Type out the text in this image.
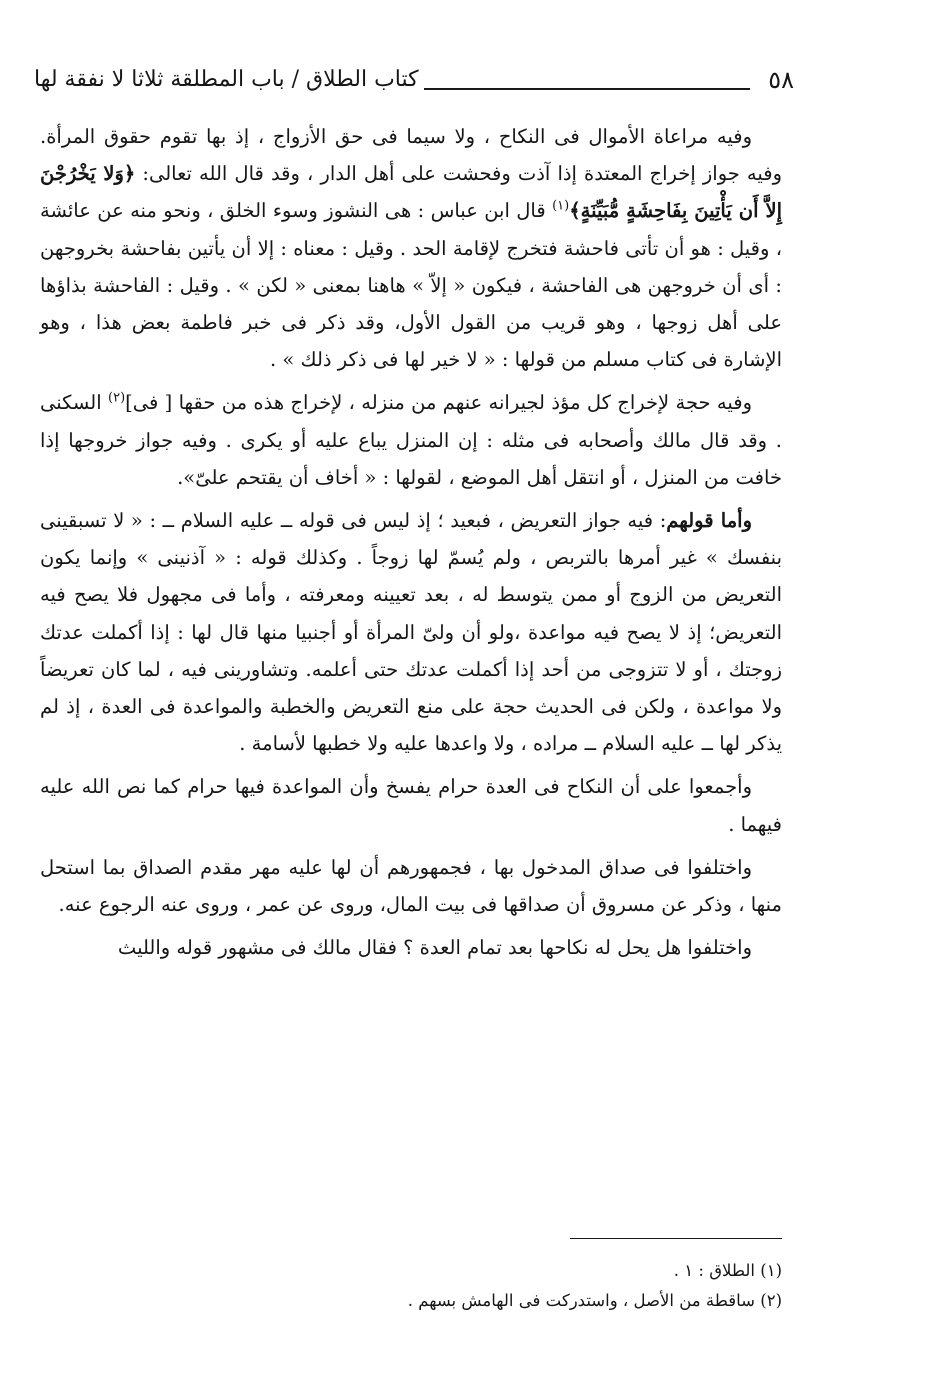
٥٨
كتاب الطلاق / باب المطلقة ثلاثا لا نفقة لها

وفيه مراعاة الأموال فى النكاح ، ولا سيما فى حق الأزواج ، إذ بها تقوم حقوق المرأة. وفيه جواز إخراج المعتدة إذا آذت وفحشت على أهل الدار ، وقد قال الله تعالى: ﴿وَلا يَخْرُجْنَ إِلاَّ أَن يَأْتِينَ بِفَاحِشَةٍ مُّبَيِّنَةٍ﴾$^{(١)}$ قال ابن عباس : هى النشوز وسوء الخلق ، ونحو منه عن عائشة ، وقيل : هو أن تأتى فاحشة فتخرج لإقامة الحد . وقيل : معناه : إلا أن يأتين بفاحشة بخروجهن : أى أن خروجهن هى الفاحشة ، فيكون « إلاّ » هاهنا بمعنى « لكن » . وقيل : الفاحشة بذاؤها على أهل زوجها ، وهو قريب من القول الأول، وقد ذكر فى خبر فاطمة بعض هذا ، وهو الإشارة فى كتاب مسلم من قولها : « لا خير لها فى ذكر ذلك » .

وفيه حجة لإخراج كل مؤذ لجيرانه عنهم من منزله ، لإخراج هذه من حقها [ فى]$^{(٢)}$ السكنى . وقد قال مالك وأصحابه فى مثله : إن المنزل يباع عليه أو يكرى . وفيه جواز خروجها إذا خافت من المنزل ، أو انتقل أهل الموضع ، لقولها : « أخاف أن يقتحم علىّ».

وأما قولهم: فيه جواز التعريض ، فبعيد ؛ إذ ليس فى قوله ــ عليه السلام ــ : « لا تسبقينى بنفسك » غير أمرها بالتربص ، ولم يُسمّ لها زوجاً . وكذلك قوله : « آذنينى » وإنما يكون التعريض من الزوج أو ممن يتوسط له ، بعد تعيينه ومعرفته ، وأما فى مجهول فلا يصح فيه التعريض؛ إذ لا يصح فيه مواعدة ،ولو أن ولىّ المرأة أو أجنبيا منها قال لها : إذا أكملت عدتك زوجتك ، أو لا تتزوجى من أحد إذا أكملت عدتك حتى أعلمه. وتشاورينى فيه ، لما كان تعريضاً ولا مواعدة ، ولكن فى الحديث حجة على منع التعريض والخطبة والمواعدة فى العدة ، إذ لم يذكر لها ــ عليه السلام ــ مراده ، ولا واعدها عليه ولا خطبها لأسامة .

وأجمعوا على أن النكاح فى العدة حرام يفسخ وأن المواعدة فيها حرام كما نص الله عليه فيهما .

واختلفوا فى صداق المدخول بها ، فجمهورهم أن لها عليه مهر مقدم الصداق بما استحل منها ، وذكر عن مسروق أن صداقها فى بيت المال، وروى عن عمر ، وروى عنه الرجوع عنه.

واختلفوا هل يحل له نكاحها بعد تمام العدة ؟ فقال مالك فى مشهور قوله والليث

(١) الطلاق : ١ .
(٢) ساقطة من الأصل ، واستدركت فى الهامش بسهم .
